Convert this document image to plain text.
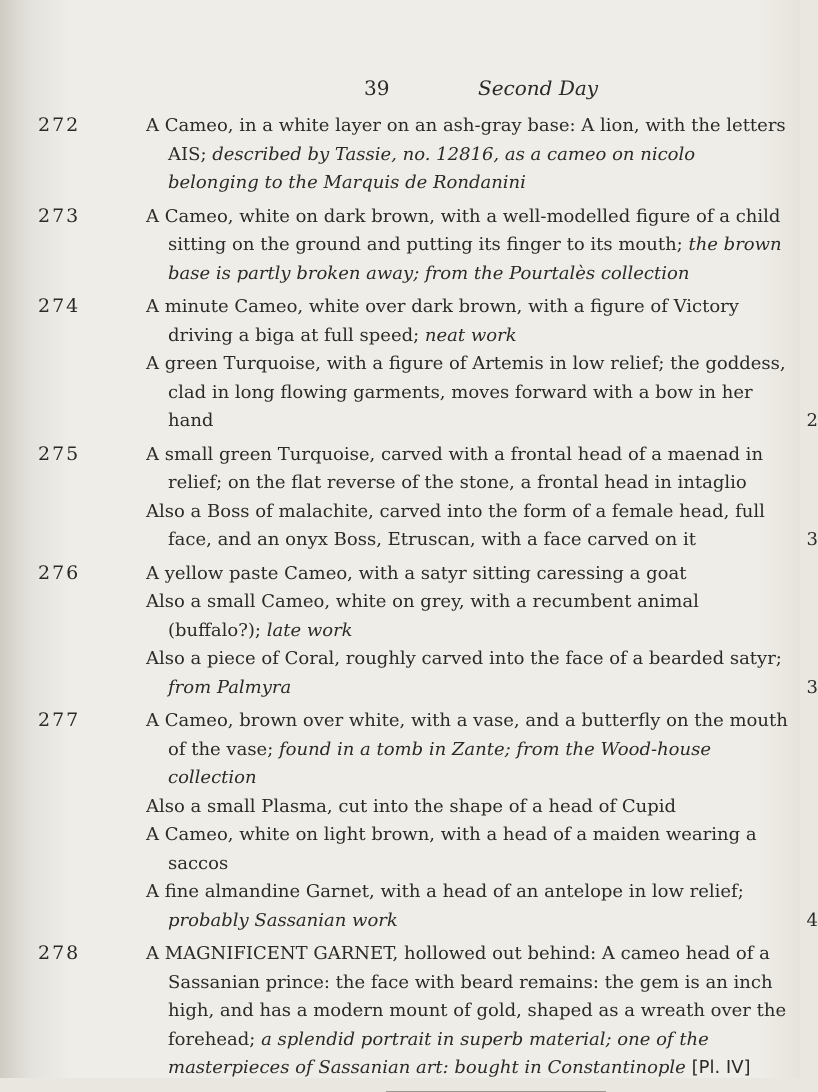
39	Second Day
272	A Cameo, in a white layer on an ash-gray base: A lion, with the letters AIS; described by Tassie, no. 12816, as a cameo on nicolo belonging to the Marquis de Rondanini
273	A Cameo, white on dark brown, with a well-modelled figure of a child sitting on the ground and putting its finger to its mouth; the brown base is partly broken away; from the Pourtalès collection
274	A minute Cameo, white over dark brown, with a figure of Victory driving a biga at full speed; neat work
A green Turquoise, with a figure of Artemis in low relief; the goddess, clad in long flowing garments, moves forward with a bow in her hand	2
275	A small green Turquoise, carved with a frontal head of a maenad in relief; on the flat reverse of the stone, a frontal head in intaglio
Also a Boss of malachite, carved into the form of a female head, full face, and an onyx Boss, Etruscan, with a face carved on it	3
276	A yellow paste Cameo, with a satyr sitting caressing a goat
Also a small Cameo, white on grey, with a recumbent animal (buffalo?); late work
Also a piece of Coral, roughly carved into the face of a bearded satyr; from Palmyra	3
277	A Cameo, brown over white, with a vase, and a butterfly on the mouth of the vase; found in a tomb in Zante; from the Wood-house collection
Also a small Plasma, cut into the shape of a head of Cupid
A Cameo, white on light brown, with a head of a maiden wearing a saccos
A fine almandine Garnet, with a head of an antelope in low relief; probably Sassanian work	4
278	A MAGNIFICENT GARNET, hollowed out behind: A cameo head of a Sassanian prince: the face with beard remains: the gem is an inch high, and has a modern mount of gold, shaped as a wreath over the forehead; a splendid portrait in superb material; one of the masterpieces of Sassanian art: bought in Constantinople [Pl. IV]
